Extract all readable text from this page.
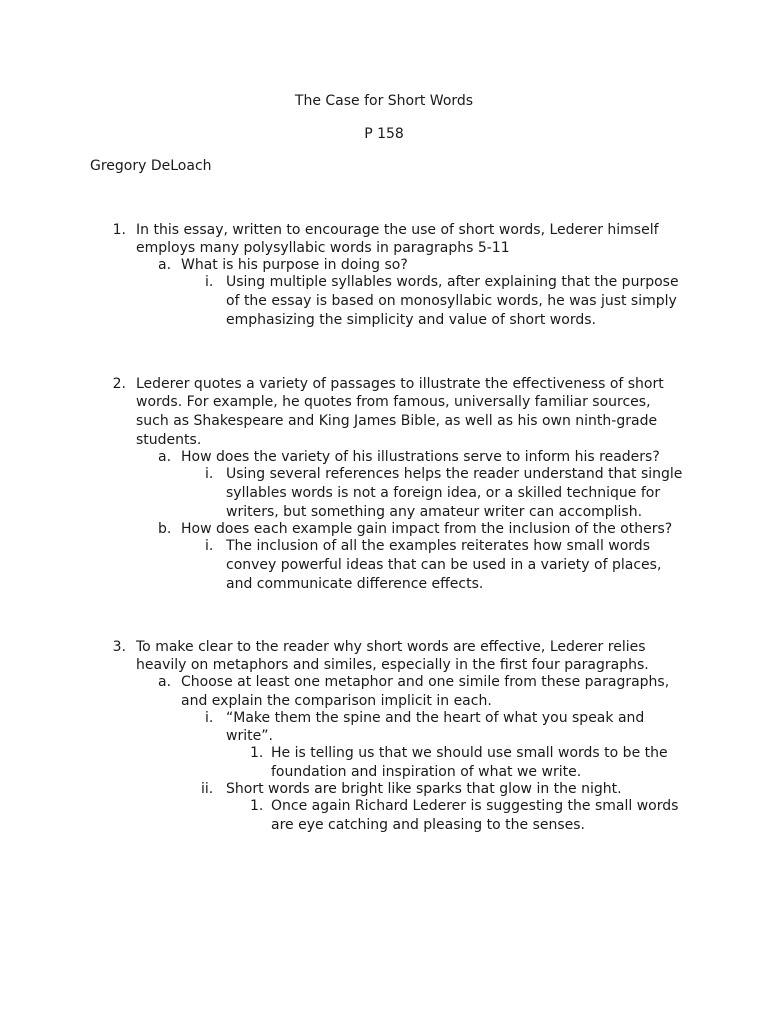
The Case for Short Words
P 158
Gregory DeLoach
1. In this essay, written to encourage the use of short words, Lederer himself
employs many polysyllabic words in paragraphs 5-11
a. What is his purpose in doing so?
i. Using multiple syllables words, after explaining that the purpose
of the essay is based on monosyllabic words, he was just simply
emphasizing the simplicity and value of short words.
2. Lederer quotes a variety of passages to illustrate the effectiveness of short
words. For example, he quotes from famous, universally familiar sources,
such as Shakespeare and King James Bible, as well as his own ninth-grade
students.
a. How does the variety of his illustrations serve to inform his readers?
i. Using several references helps the reader understand that single
syllables words is not a foreign idea, or a skilled technique for
writers, but something any amateur writer can accomplish.
b. How does each example gain impact from the inclusion of the others?
i. The inclusion of all the examples reiterates how small words
convey powerful ideas that can be used in a variety of places,
and communicate difference effects.
3. To make clear to the reader why short words are effective, Lederer relies
heavily on metaphors and similes, especially in the first four paragraphs.
a. Choose at least one metaphor and one simile from these paragraphs,
and explain the comparison implicit in each.
i. “Make them the spine and the heart of what you speak and
write”.
1. He is telling us that we should use small words to be the
foundation and inspiration of what we write.
ii. Short words are bright like sparks that glow in the night.
1. Once again Richard Lederer is suggesting the small words
are eye catching and pleasing to the senses.
